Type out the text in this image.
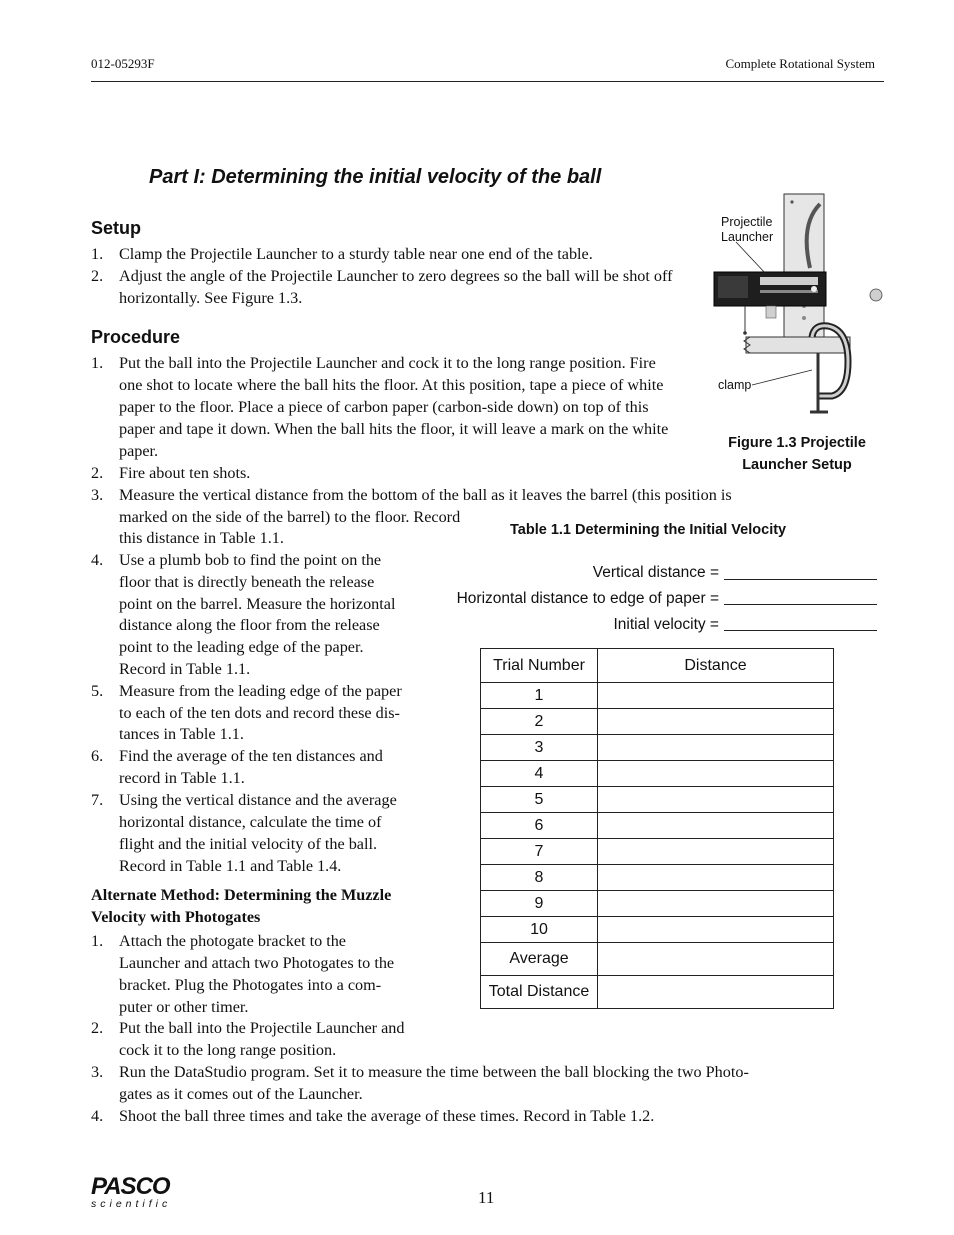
012-05293F	Complete Rotational System
Part I: Determining the initial velocity of the ball
Setup
1. Clamp the Projectile Launcher to a sturdy table near one end of the table.
2. Adjust the angle of the Projectile Launcher to zero degrees so the ball will be shot off
horizontally. See Figure 1.3.
Procedure
1. Put the ball into the Projectile Launcher and cock it to the long range position. Fire
one shot to locate where the ball hits the floor. At this position, tape a piece of white
paper to the floor. Place a piece of carbon paper (carbon-side down) on top of this
paper and tape it down. When the ball hits the floor, it will leave a mark on the white
paper.
2. Fire about ten shots.
3. Measure the vertical distance from the bottom of the ball as it leaves the barrel (this position is
marked on the side of the barrel) to the floor. Record
this distance in Table 1.1.
4. Use a plumb bob to find the point on the
floor that is directly beneath the release
point on the barrel. Measure the horizontal
distance along the floor from the release
point to the leading edge of the paper.
Record in Table 1.1.
5. Measure from the leading edge of the paper
to each of the ten dots and record these dis-
tances in Table 1.1.
6. Find the average of the ten distances and
record in Table 1.1.
7. Using the vertical distance and the average
horizontal distance, calculate the time of
flight and the initial velocity of the ball.
Record in Table 1.1 and Table 1.4.
Alternate Method: Determining the Muzzle
Velocity with Photogates
1. Attach the photogate bracket to the
Launcher and attach two Photogates to the
bracket. Plug the Photogates into a com-
puter or other timer.
2. Put the ball into the Projectile Launcher and
cock it to the long range position.
3. Run the DataStudio program. Set it to measure the time between the ball blocking the two Photo-
gates as it comes out of the Launcher.
4. Shoot the ball three times and take the average of these times. Record in Table 1.2.
Projectile
Launcher
clamp
Figure 1.3 Projectile
Launcher Setup
Table 1.1 Determining the Initial Velocity
Vertical distance =
Horizontal distance to edge of paper =
Initial velocity =
Trial Number	Distance
1	
2	
3	
4	
5	
6	
7	
8	
9	
10	
Average	
Total Distance	
PASCO
scientific	11
